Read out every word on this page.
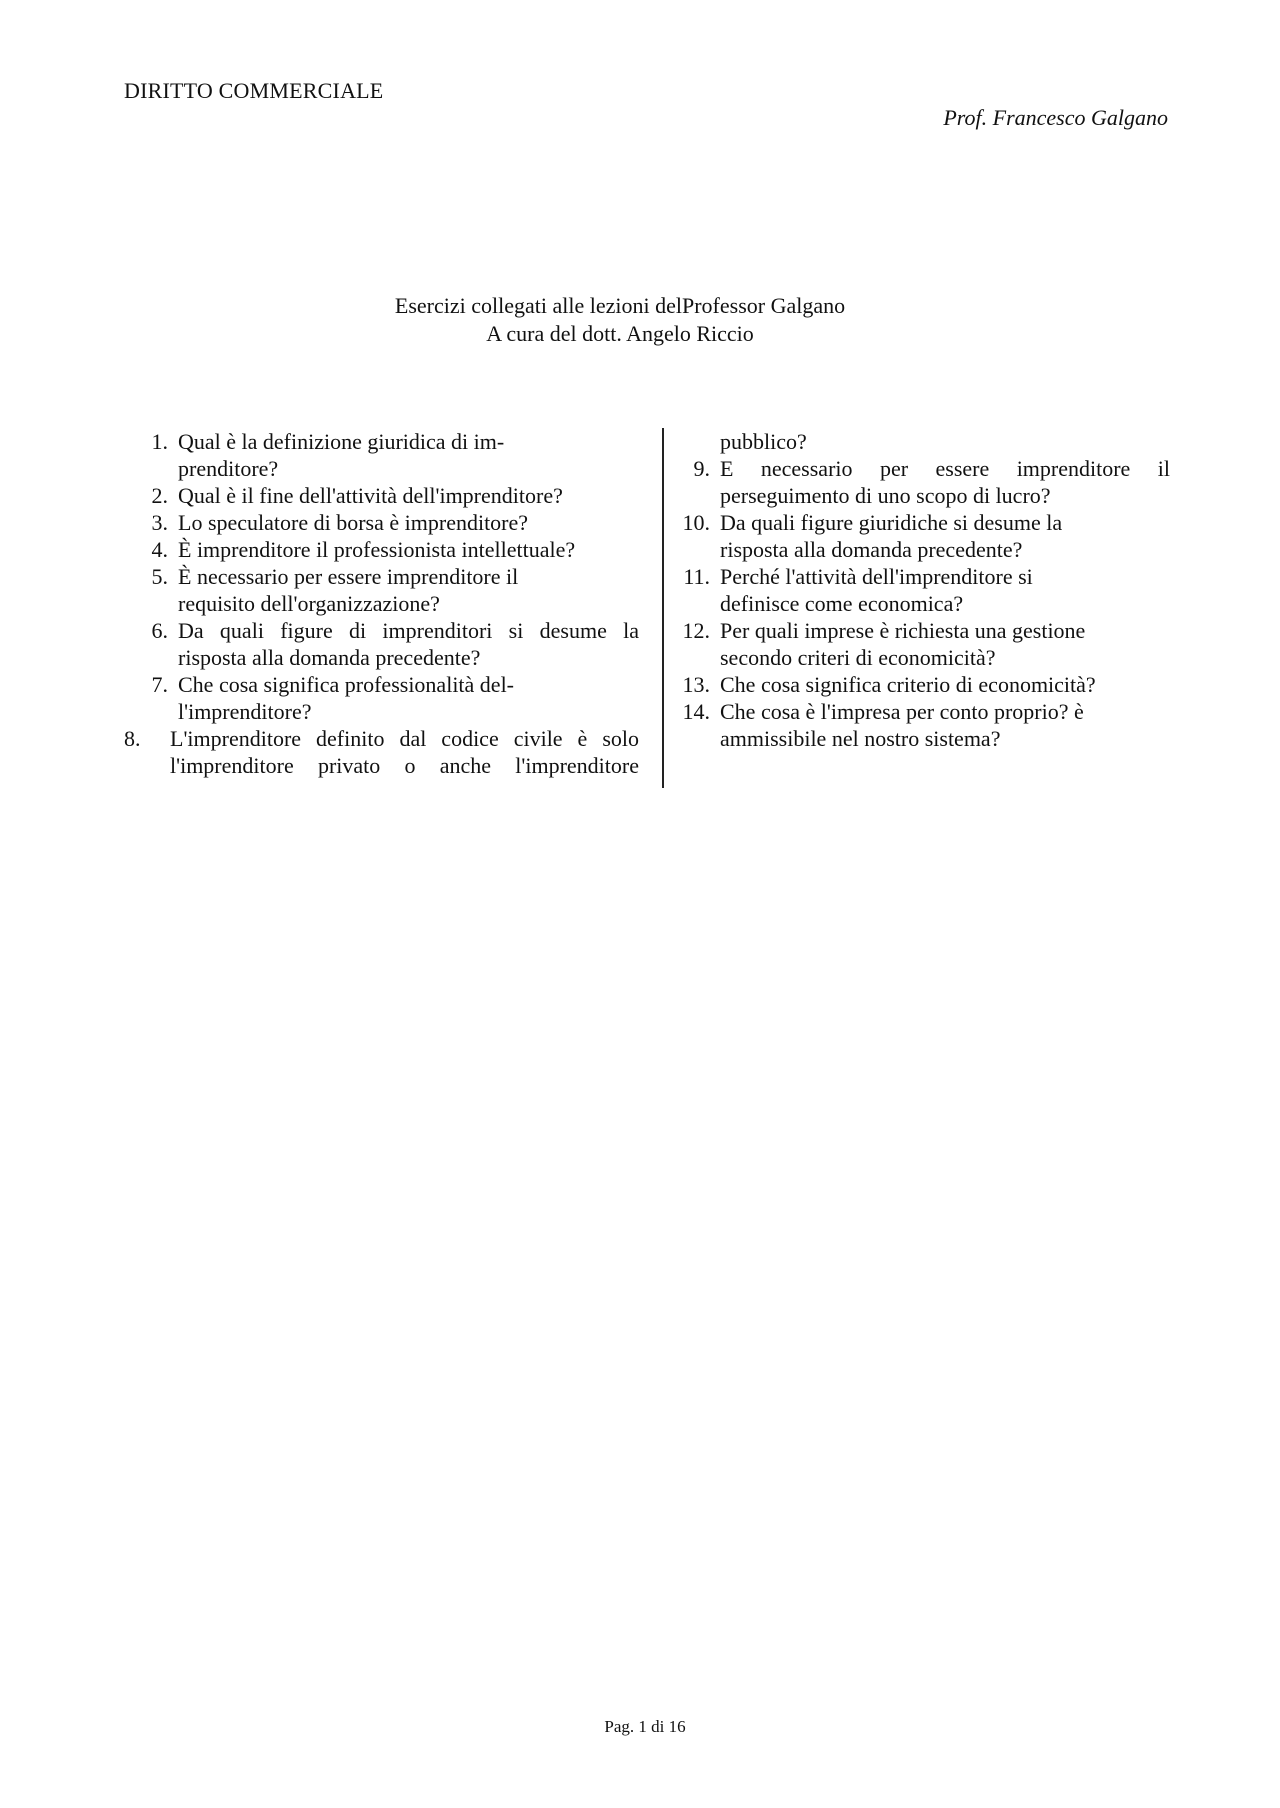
DIRITTO COMMERCIALE
Prof. Francesco Galgano
Esercizi collegati alle lezioni delProfessor Galgano
A cura del dott. Angelo Riccio
1. Qual è la definizione giuridica di im-
prenditore?
2. Qual è il fine dell'attività dell'imprenditore?
3. Lo speculatore di borsa è imprenditore?
4. È imprenditore il professionista intellettuale?
5. È necessario per essere imprenditore il
requisito dell'organizzazione?
6. Da quali figure di imprenditori si desume la
risposta alla domanda precedente?
7. Che cosa significa professionalità del-
l'imprenditore?
8.	L'imprenditore definito dal codice civile è solo
l'imprenditore privato o anche l'imprenditore
pubblico?
9. E necessario per essere imprenditore il
perseguimento di uno scopo di lucro?
10. Da quali figure giuridiche si desume la
risposta alla domanda precedente?
11. Perché l'attività dell'imprenditore si
definisce come economica?
12. Per quali imprese è richiesta una gestione
secondo criteri di economicità?
13. Che cosa significa criterio di economicità?
14. Che cosa è l'impresa per conto proprio? è
ammissibile nel nostro sistema?
Pag. 1 di 16
